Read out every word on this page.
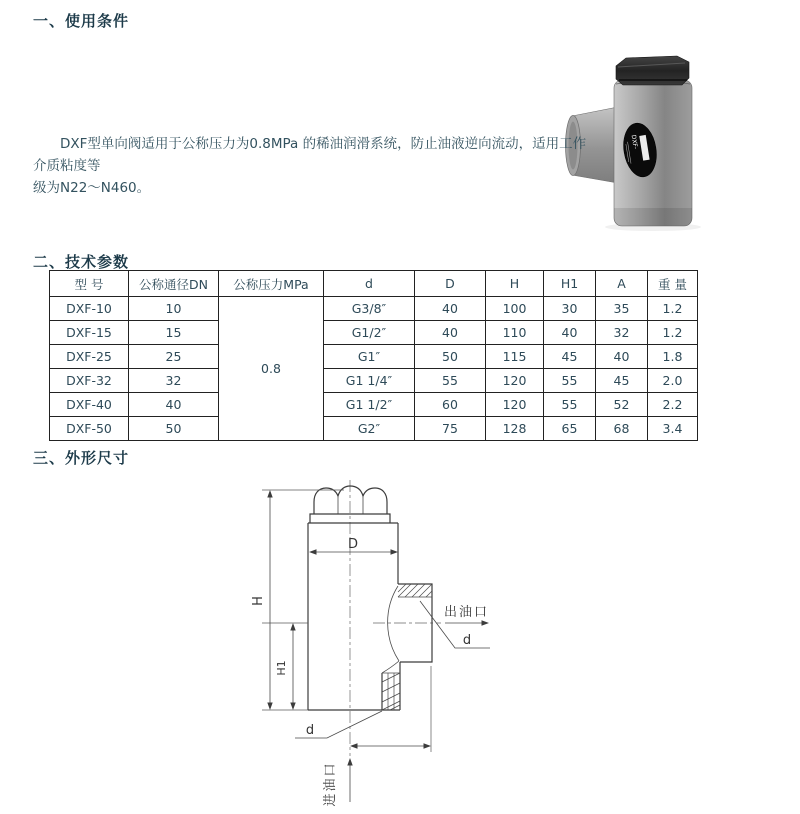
一、使用条件
DXF-
DXF型单向阀适用于公称压力为0.8MPa 的稀油润滑系统，防止油液逆向流动，适用工作介质粘度等
级为N22～N460。
二、技术参数
型 号	公称通径DN	公称压力MPa	d	D	H	H1	A	重 量
DXF-10	10	0.8	G3/8″	40	100	30	35	1.2
DXF-15	15		G1/2″	40	110	40	32	1.2
DXF-25	25		G1″	50	115	45	40	1.8
DXF-32	32		G1 1/4″	55	120	55	45	2.0
DXF-40	40		G1 1/2″	60	120	55	52	2.2
DXF-50	50		G2″	75	128	65	68	3.4
三、外形尺寸
H
H1
D
出油口
d
d
进油口
